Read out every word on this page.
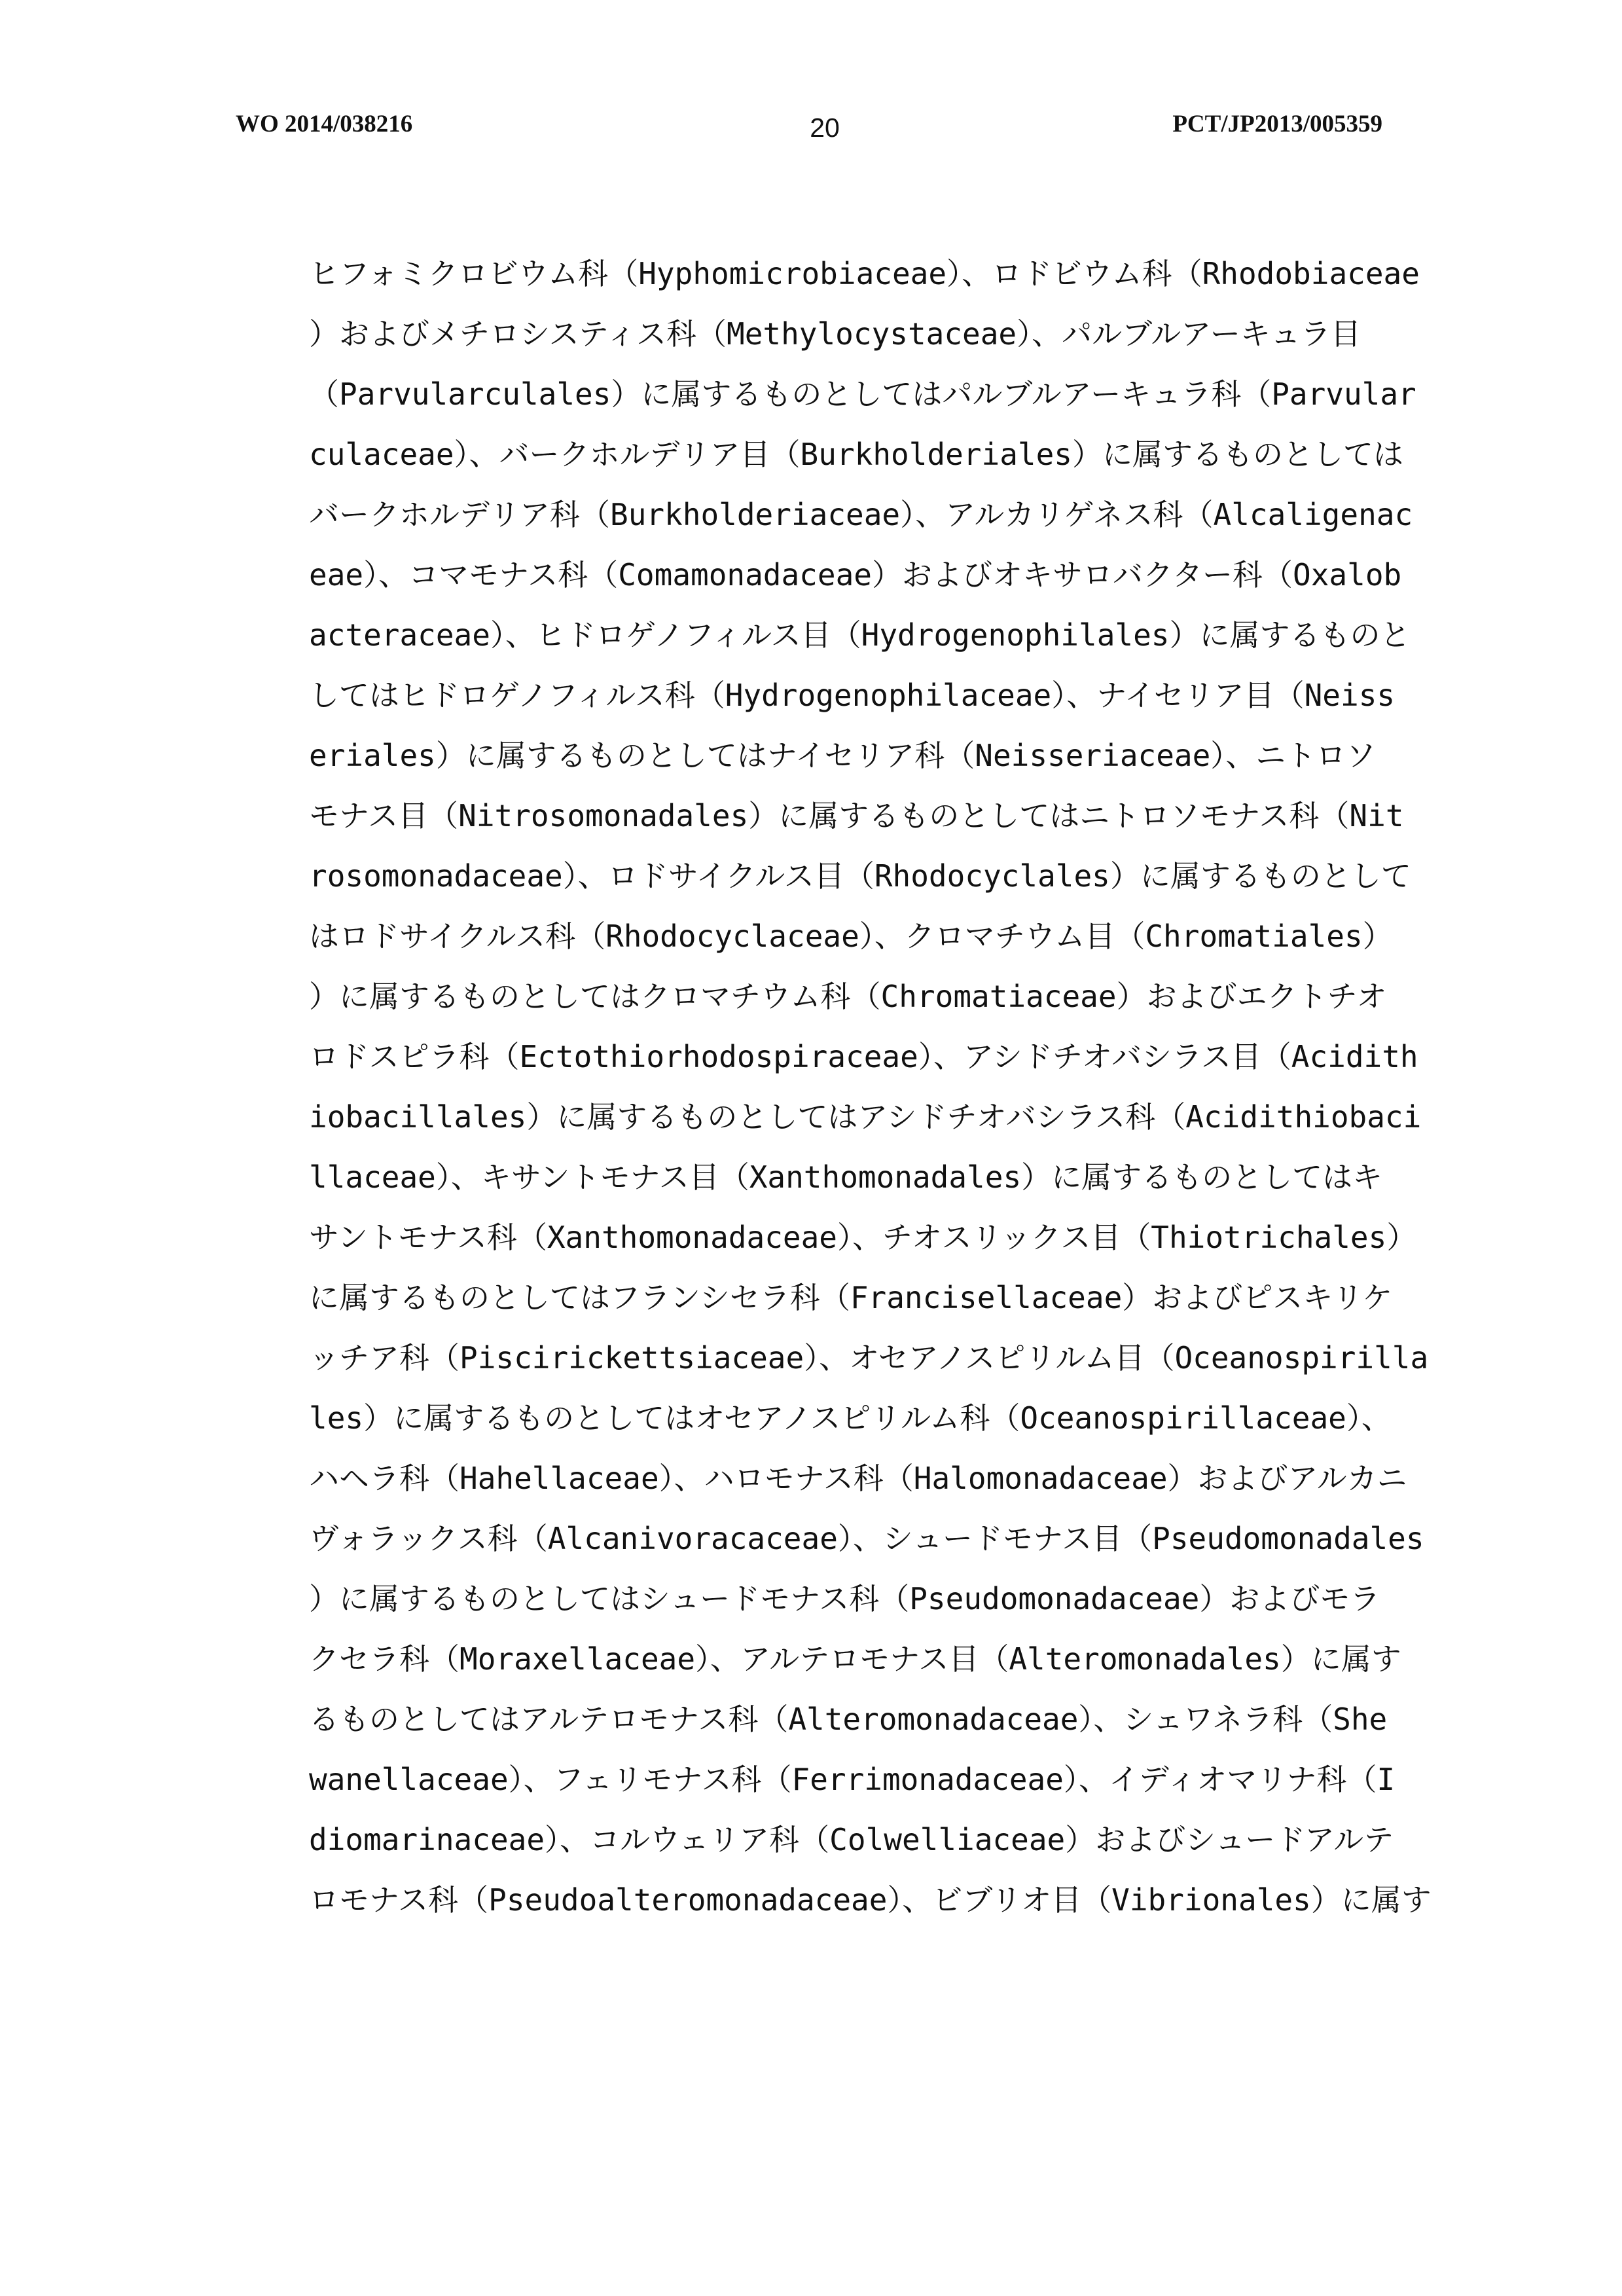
WO 2014/038216	20	PCT/JP2013/005359
ヒフォミクロビウム科（Hyphomicrobiaceae）、ロドビウム科（Rhodobiaceae
）およびメチロシスティス科（Methylocystaceae）、パルブルアーキュラ目
（Parvularculales）に属するものとしてはパルブルアーキュラ科（Parvular
culaceae）、バークホルデリア目（Burkholderiales）に属するものとしては
バークホルデリア科（Burkholderiaceae）、アルカリゲネス科（Alcaligenac
eae）、コマモナス科（Comamonadaceae）およびオキサロバクター科（Oxalob
acteraceae）、ヒドロゲノフィルス目（Hydrogenophilales）に属するものと
してはヒドロゲノフィルス科（Hydrogenophilaceae）、ナイセリア目（Neiss
eriales）に属するものとしてはナイセリア科（Neisseriaceae）、ニトロソ
モナス目（Nitrosomonadales）に属するものとしてはニトロソモナス科（Nit
rosomonadaceae）、ロドサイクルス目（Rhodocyclales）に属するものとして
はロドサイクルス科（Rhodocyclaceae）、クロマチウム目（Chromatiales）
）に属するものとしてはクロマチウム科（Chromatiaceae）およびエクトチオ
ロドスピラ科（Ectothiorhodospiraceae）、アシドチオバシラス目（Acidith
iobacillales）に属するものとしてはアシドチオバシラス科（Acidithiobaci
llaceae）、キサントモナス目（Xanthomonadales）に属するものとしてはキ
サントモナス科（Xanthomonadaceae）、チオスリックス目（Thiotrichales）
に属するものとしてはフランシセラ科（Francisellaceae）およびピスキリケ
ッチア科（Piscirickettsiaceae）、オセアノスピリルム目（Oceanospirilla
les）に属するものとしてはオセアノスピリルム科（Oceanospirillaceae）、
ハヘラ科（Hahellaceae）、ハロモナス科（Halomonadaceae）およびアルカニ
ヴォラックス科（Alcanivoracaceae）、シュードモナス目（Pseudomonadales
）に属するものとしてはシュードモナス科（Pseudomonadaceae）およびモラ
クセラ科（Moraxellaceae）、アルテロモナス目（Alteromonadales）に属す
るものとしてはアルテロモナス科（Alteromonadaceae）、シェワネラ科（She
wanellaceae）、フェリモナス科（Ferrimonadaceae）、イディオマリナ科（I
diomarinaceae）、コルウェリア科（Colwelliaceae）およびシュードアルテ
ロモナス科（Pseudoalteromonadaceae）、ビブリオ目（Vibrionales）に属す
